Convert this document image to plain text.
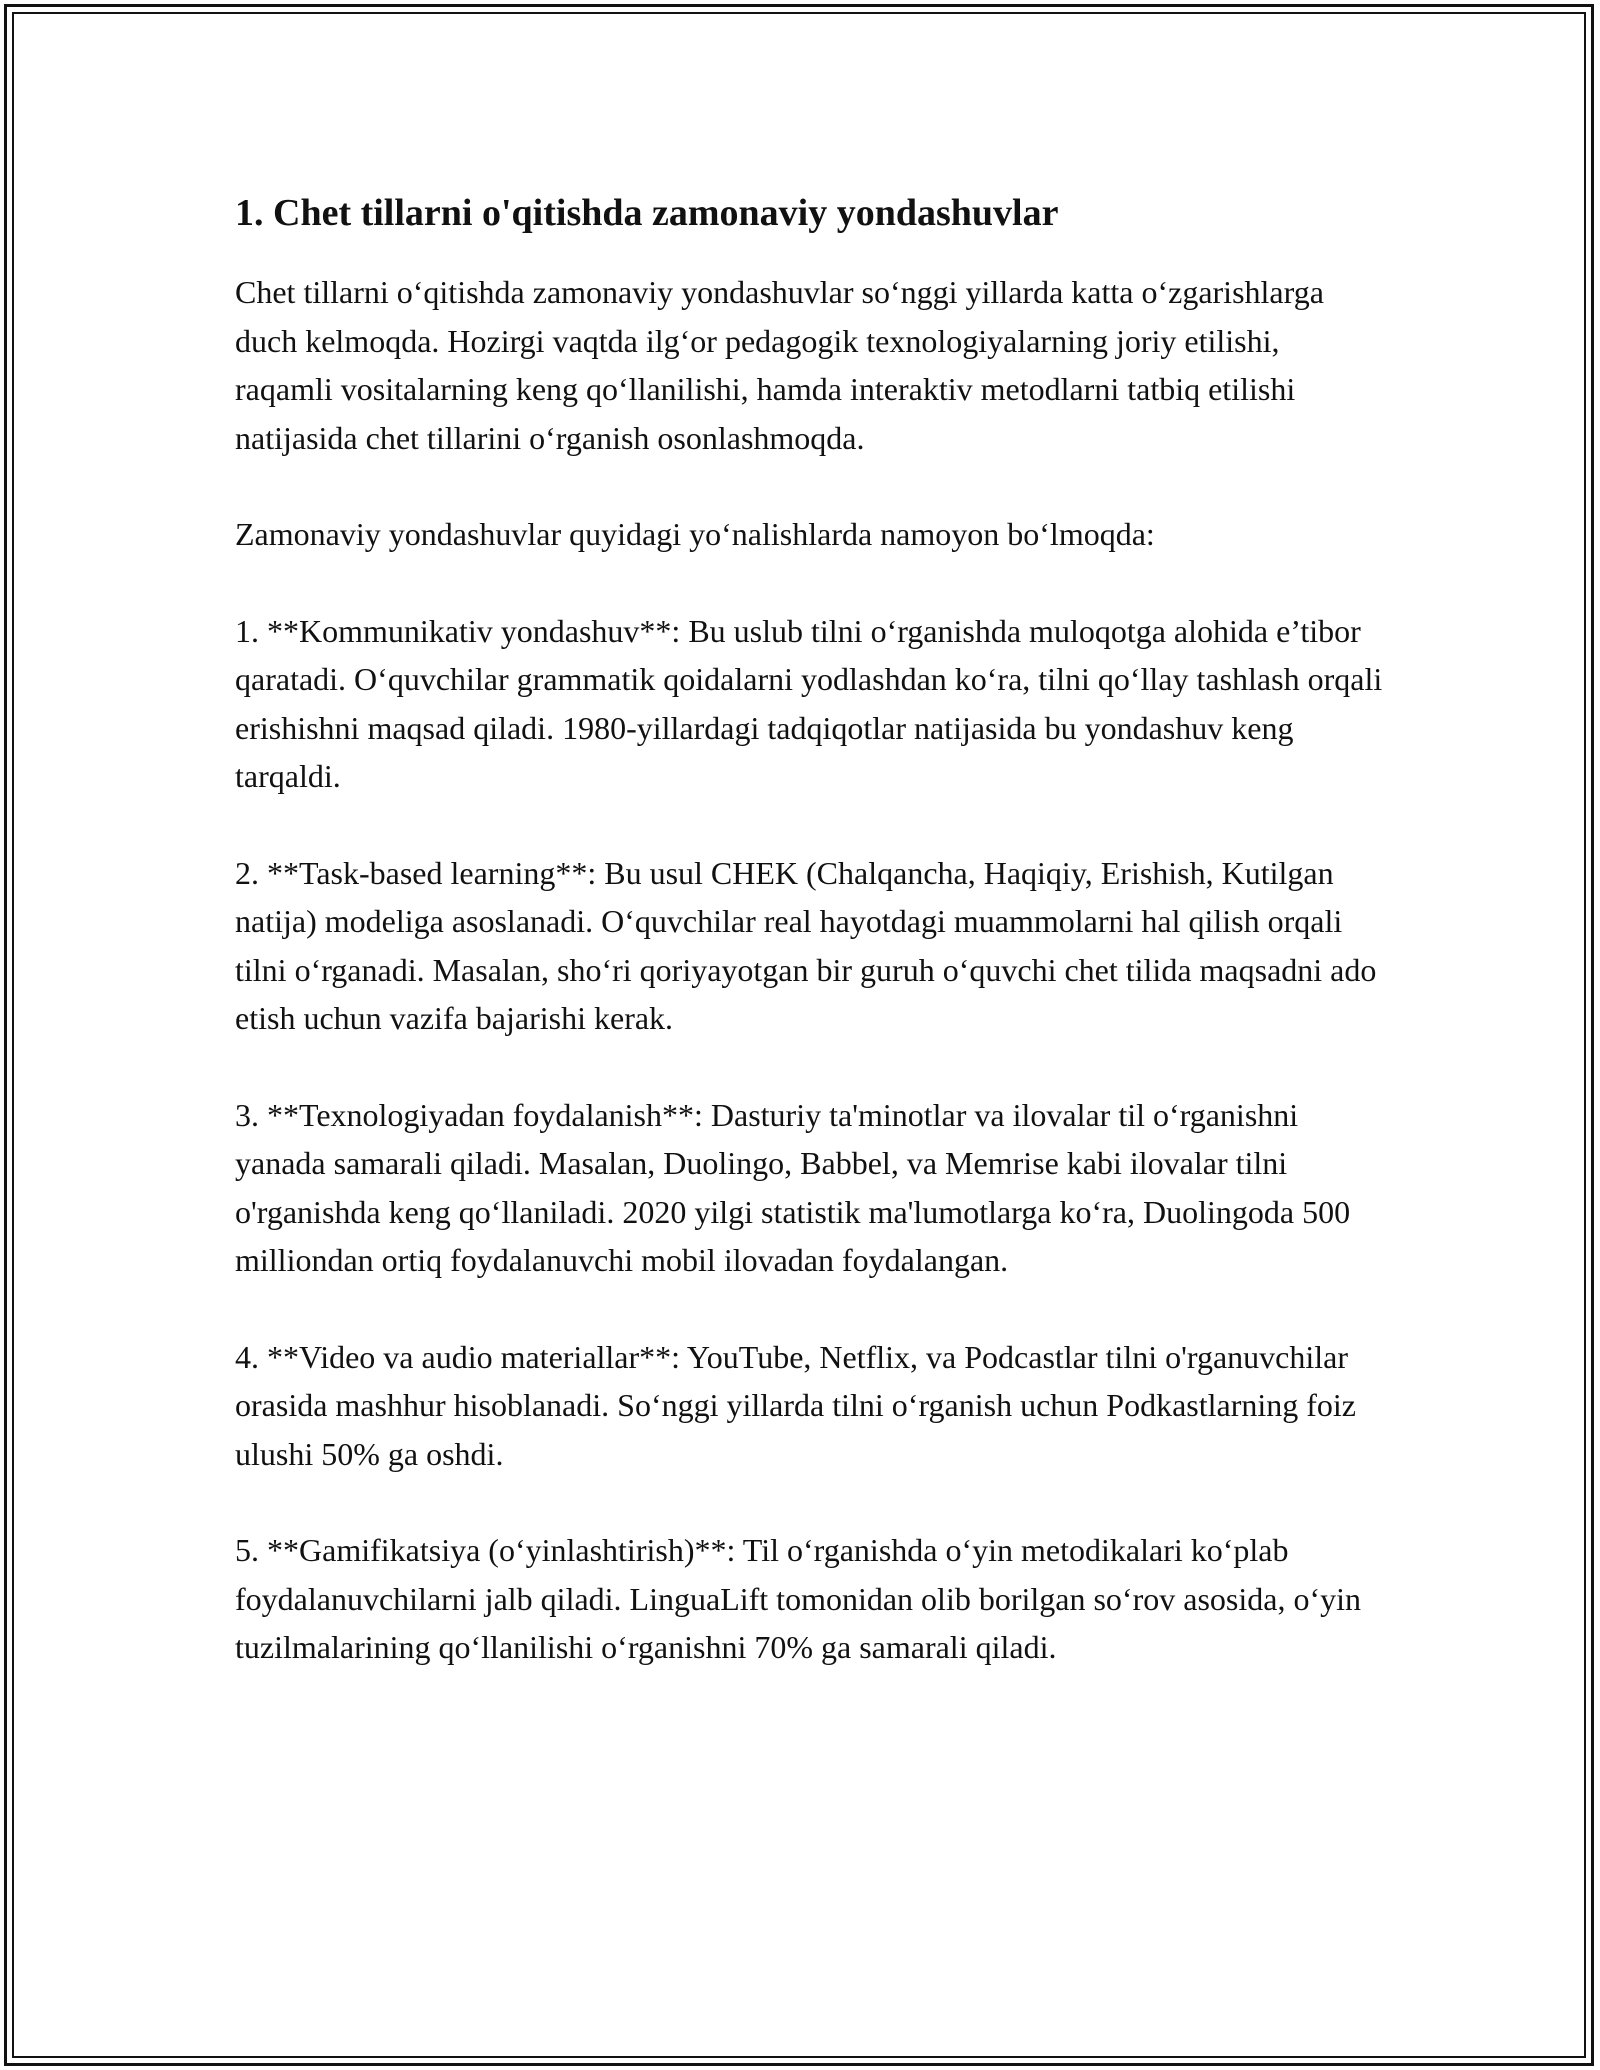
1. Chet tillarni o'qitishda zamonaviy yondashuvlar

Chet tillarni o‘qitishda zamonaviy yondashuvlar so‘nggi yillarda katta o‘zgarishlarga duch kelmoqda. Hozirgi vaqtda ilg‘or pedagogik texnologiyalarning joriy etilishi, raqamli vositalarning keng qo‘llanilishi, hamda interaktiv metodlarni tatbiq etilishi natijasida chet tillarini o‘rganish osonlashmoqda.

Zamonaviy yondashuvlar quyidagi yo‘nalishlarda namoyon bo‘lmoqda:

1. **Kommunikativ yondashuv**: Bu uslub tilni o‘rganishda muloqotga alohida e’tibor qaratadi. O‘quvchilar grammatik qoidalarni yodlashdan ko‘ra, tilni qo‘llay tashlash orqali erishishni maqsad qiladi. 1980-yillardagi tadqiqotlar natijasida bu yondashuv keng tarqaldi.

2. **Task-based learning**: Bu usul CHEK (Chalqancha, Haqiqiy, Erishish, Kutilgan natija) modeliga asoslanadi. O‘quvchilar real hayotdagi muammolarni hal qilish orqali tilni o‘rganadi. Masalan, sho‘ri qoriyayotgan bir guruh o‘quvchi chet tilida maqsadni ado etish uchun vazifa bajarishi kerak.

3. **Texnologiyadan foydalanish**: Dasturiy ta'minotlar va ilovalar til o‘rganishni yanada samarali qiladi. Masalan, Duolingo, Babbel, va Memrise kabi ilovalar tilni o'rganishda keng qo‘llaniladi. 2020 yilgi statistik ma'lumotlarga ko‘ra, Duolingoda 500 milliondan ortiq foydalanuvchi mobil ilovadan foydalangan.

4. **Video va audio materiallar**: YouTube, Netflix, va Podcastlar tilni o'rganuvchilar orasida mashhur hisoblanadi. So‘nggi yillarda tilni o‘rganish uchun Podkastlarning foiz ulushi 50% ga oshdi.

5. **Gamifikatsiya (o‘yinlashtirish)**: Til o‘rganishda o‘yin metodikalari ko‘plab foydalanuvchilarni jalb qiladi. LinguaLift tomonidan olib borilgan so‘rov asosida, o‘yin tuzilmalarining qo‘llanilishi o‘rganishni 70% ga samarali qiladi.
